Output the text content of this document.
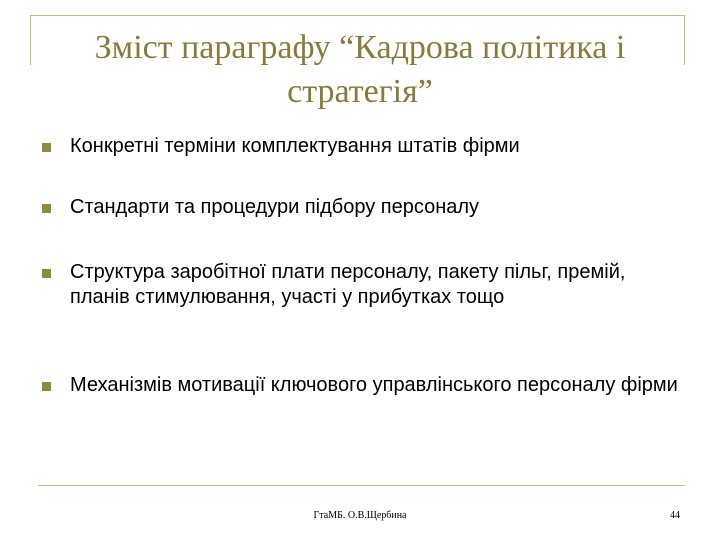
Зміст параграфу “Кадрова політика і
стратегія”
Конкретні терміни комплектування штатів фірми
Стандарти та процедури підбору персоналу
Структура заробітної плати персоналу, пакету пільг, премій, планів стимулювання, участі у прибутках тощо
Механізмів мотивації ключового управлінського персоналу фірми
ГтаМБ. О.В.Щербина	44
